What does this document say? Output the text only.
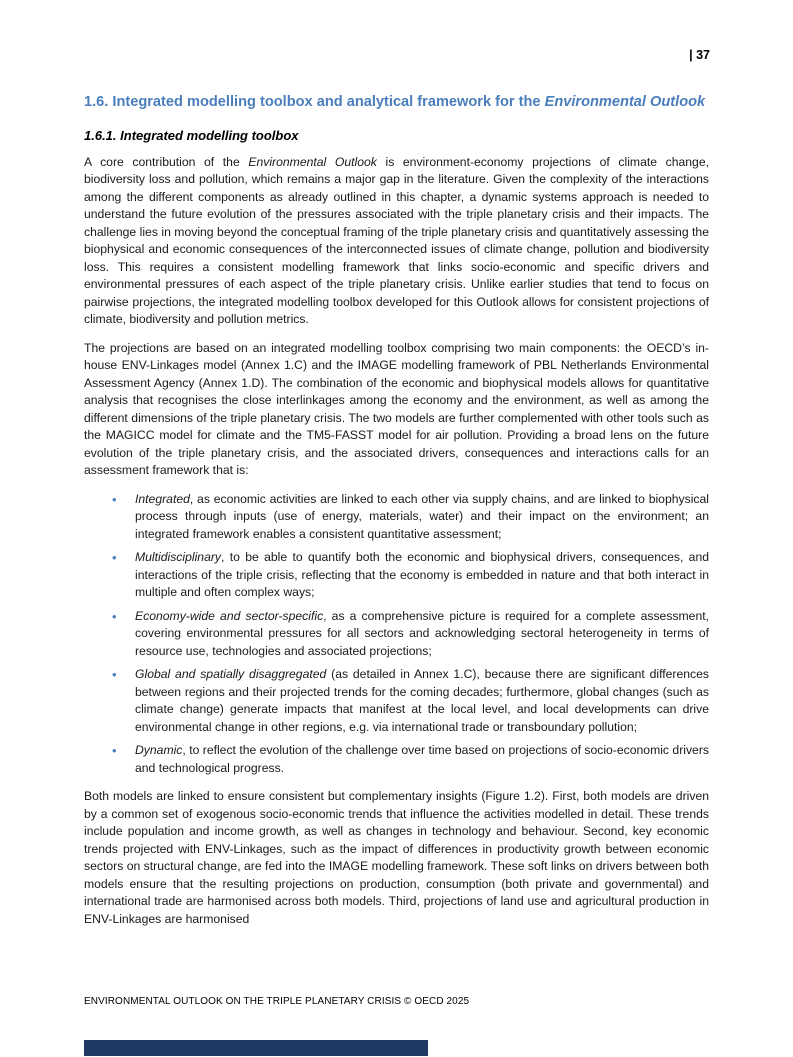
| 37
1.6. Integrated modelling toolbox and analytical framework for the Environmental Outlook
1.6.1. Integrated modelling toolbox

A core contribution of the Environmental Outlook is environment-economy projections of climate change, biodiversity loss and pollution, which remains a major gap in the literature. Given the complexity of the interactions among the different components as already outlined in this chapter, a dynamic systems approach is needed to understand the future evolution of the pressures associated with the triple planetary crisis and their impacts. The challenge lies in moving beyond the conceptual framing of the triple planetary crisis and quantitatively assessing the biophysical and economic consequences of the interconnected issues of climate change, pollution and biodiversity loss. This requires a consistent modelling framework that links socio-economic and specific drivers and environmental pressures of each aspect of the triple planetary crisis. Unlike earlier studies that tend to focus on pairwise projections, the integrated modelling toolbox developed for this Outlook allows for consistent projections of climate, biodiversity and pollution metrics.

The projections are based on an integrated modelling toolbox comprising two main components: the OECD’s in-house ENV-Linkages model (Annex 1.C) and the IMAGE modelling framework of PBL Netherlands Environmental Assessment Agency (Annex 1.D). The combination of the economic and biophysical models allows for quantitative analysis that recognises the close interlinkages among the economy and the environment, as well as among the different dimensions of the triple planetary crisis. The two models are further complemented with other tools such as the MAGICC model for climate and the TM5-FASST model for air pollution. Providing a broad lens on the future evolution of the triple planetary crisis, and the associated drivers, consequences and interactions calls for an assessment framework that is:

• Integrated, as economic activities are linked to each other via supply chains, and are linked to biophysical process through inputs (use of energy, materials, water) and their impact on the environment; an integrated framework enables a consistent quantitative assessment;
• Multidisciplinary, to be able to quantify both the economic and biophysical drivers, consequences, and interactions of the triple crisis, reflecting that the economy is embedded in nature and that both interact in multiple and often complex ways;
• Economy-wide and sector-specific, as a comprehensive picture is required for a complete assessment, covering environmental pressures for all sectors and acknowledging sectoral heterogeneity in terms of resource use, technologies and associated projections;
• Global and spatially disaggregated (as detailed in Annex 1.C), because there are significant differences between regions and their projected trends for the coming decades; furthermore, global changes (such as climate change) generate impacts that manifest at the local level, and local developments can drive environmental change in other regions, e.g. via international trade or transboundary pollution;
• Dynamic, to reflect the evolution of the challenge over time based on projections of socio-economic drivers and technological progress.

Both models are linked to ensure consistent but complementary insights (Figure 1.2). First, both models are driven by a common set of exogenous socio-economic trends that influence the activities modelled in detail. These trends include population and income growth, as well as changes in technology and behaviour. Second, key economic trends projected with ENV-Linkages, such as the impact of differences in productivity growth between economic sectors on structural change, are fed into the IMAGE modelling framework. These soft links on drivers between both models ensure that the resulting projections on production, consumption (both private and governmental) and international trade are harmonised across both models. Third, projections of land use and agricultural production in ENV-Linkages are harmonised

ENVIRONMENTAL OUTLOOK ON THE TRIPLE PLANETARY CRISIS © OECD 2025
